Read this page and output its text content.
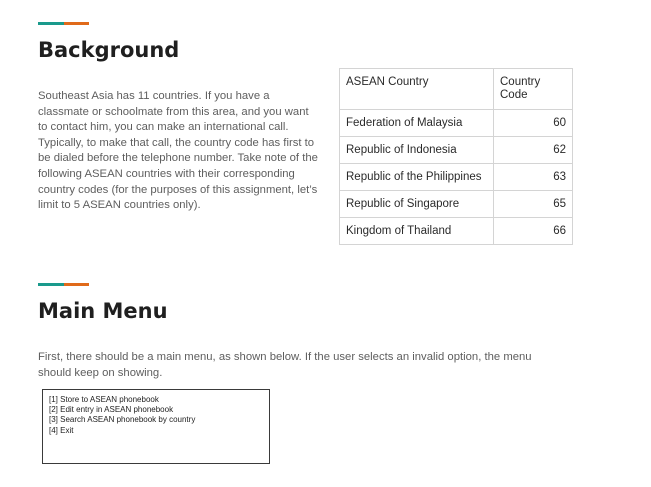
Background

Southeast Asia has 11 countries. If you have a classmate or schoolmate from this area, and you want to contact him, you can make an international call. Typically, to make that call, the country code has first to be dialed before the telephone number. Take note of the following ASEAN countries with their corresponding country codes (for the purposes of this assignment, let’s limit to 5 ASEAN countries only).

ASEAN Country	Country Code
Federation of Malaysia	60
Republic of Indonesia	62
Republic of the Philippines	63
Republic of Singapore	65
Kingdom of Thailand	66
Main Menu

First, there should be a main menu, as shown below. If the user selects an invalid option, the menu should keep on showing.

[1] Store to ASEAN phonebook
[2] Edit entry in ASEAN phonebook
[3] Search ASEAN phonebook by country
[4] Exit
